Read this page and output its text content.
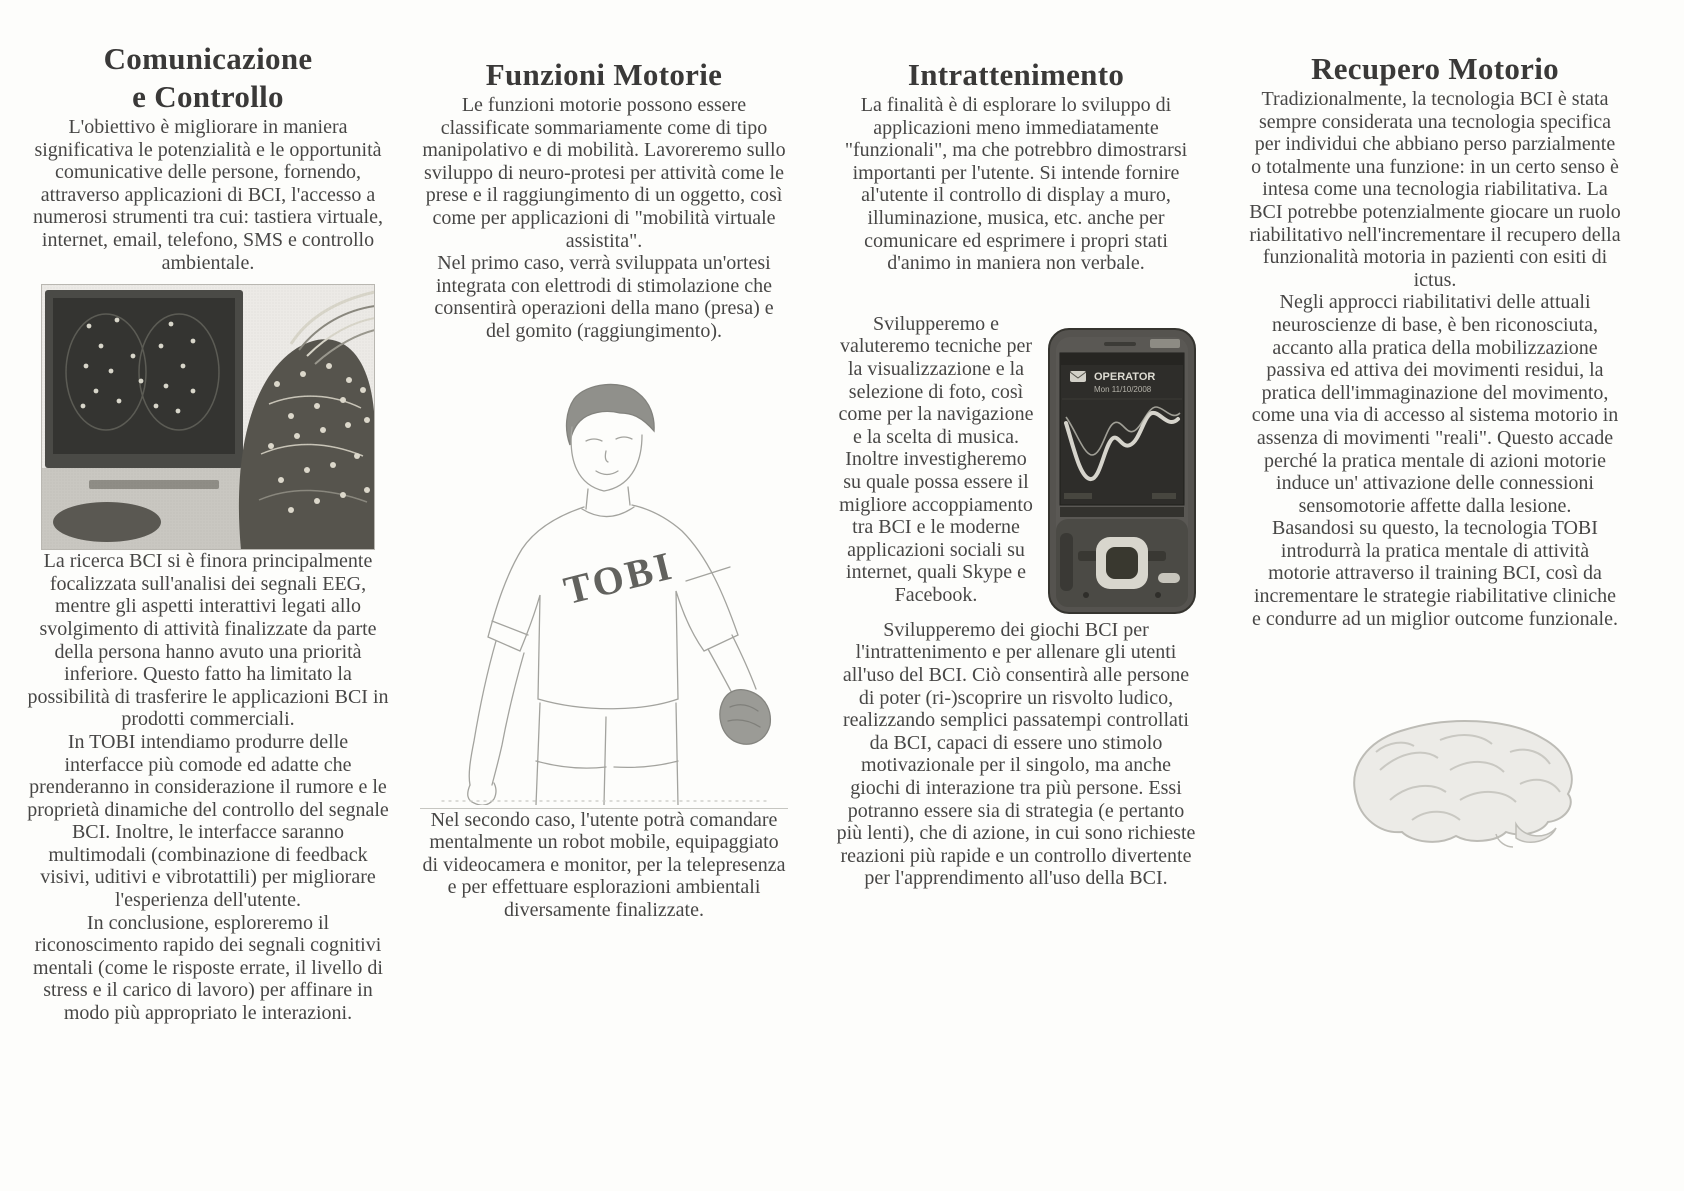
Comunicazione
e Controllo

L'obiettivo è migliorare in maniera significativa le potenzialità e le opportunità comunicative delle persone, fornendo, attraverso applicazioni di BCI, l'accesso a numerosi strumenti tra cui: tastiera virtuale, internet, email, telefono, SMS e controllo ambientale.

La ricerca BCI si è finora principalmente focalizzata sull'analisi dei segnali EEG, mentre gli aspetti interattivi legati allo svolgimento di attività finalizzate da parte della persona hanno avuto una priorità inferiore. Questo fatto ha limitato la possibilità di trasferire le applicazioni BCI in prodotti commerciali.

In TOBI intendiamo produrre delle interfacce più comode ed adatte che prenderanno in considerazione il rumore e le proprietà dinamiche del controllo del segnale BCI. Inoltre, le interfacce saranno multimodali (combinazione di feedback visivi, uditivi e vibrotattili) per migliorare l'esperienza dell'utente.

In conclusione, esploreremo il riconoscimento rapido dei segnali cognitivi mentali (come le risposte errate, il livello di stress e il carico di lavoro) per affinare in modo più appropriato le interazioni.

Funzioni Motorie

Le funzioni motorie possono essere classificate sommariamente come di tipo manipolativo e di mobilità. Lavoreremo sullo sviluppo di neuro-protesi per attività come le prese e il raggiungimento di un oggetto, così come per applicazioni di "mobilità virtuale assistita".

Nel primo caso, verrà sviluppata un'ortesi integrata con elettrodi di stimolazione che consentirà operazioni della mano (presa) e del gomito (raggiungimento).

TOBI

Nel secondo caso, l'utente potrà comandare mentalmente un robot mobile, equipaggiato di videocamera e monitor, per la telepresenza e per effettuare esplorazioni ambientali diversamente finalizzate.

Intrattenimento

La finalità è di esplorare lo sviluppo di applicazioni meno immediatamente "funzionali", ma che potrebbro dimostrarsi importanti per l'utente. Si intende fornire al'utente il controllo di display a muro, illuminazione, musica, etc. anche per comunicare ed esprimere i propri stati d'animo in maniera non verbale.

OPERATOR
Mon 11/10/2008

Svilupperemo e valuteremo tecniche per la visualizzazione e la selezione di foto, così come per la navigazione e la scelta di musica. Inoltre investigheremo su quale possa essere il migliore accoppiamento tra BCI e le moderne applicazioni sociali su internet, quali Skype e Facebook.

Svilupperemo dei giochi BCI per l'intrattenimento e per allenare gli utenti all'uso del BCI. Ciò consentirà alle persone di poter (ri-)scoprire un risvolto ludico, realizzando semplici passatempi controllati da BCI, capaci di essere uno stimolo motivazionale per il singolo, ma anche giochi di interazione tra più persone. Essi potranno essere sia di strategia (e pertanto più lenti), che di azione, in cui sono richieste reazioni più rapide e un controllo divertente per l'apprendimento all'uso della BCI.

Recupero Motorio

Tradizionalmente, la tecnologia BCI è stata sempre considerata una tecnologia specifica per individui che abbiano perso parzialmente o totalmente una funzione: in un certo senso è intesa come una tecnologia riabilitativa. La BCI potrebbe potenzialmente giocare un ruolo riabilitativo nell'incrementare il recupero della funzionalità motoria in pazienti con esiti di ictus.

Negli approcci riabilitativi delle attuali neuroscienze di base, è ben riconosciuta, accanto alla pratica della mobilizzazione passiva ed attiva dei movimenti residui, la pratica dell'immaginazione del movimento, come una via di accesso al sistema motorio in assenza di movimenti "reali". Questo accade perché la pratica mentale di azioni motorie induce un' attivazione delle connessioni sensomotorie affette dalla lesione.

Basandosi su questo, la tecnologia TOBI introdurrà la pratica mentale di attività motorie attraverso il training BCI, così da incrementare le strategie riabilitative cliniche e condurre ad un miglior outcome funzionale.
